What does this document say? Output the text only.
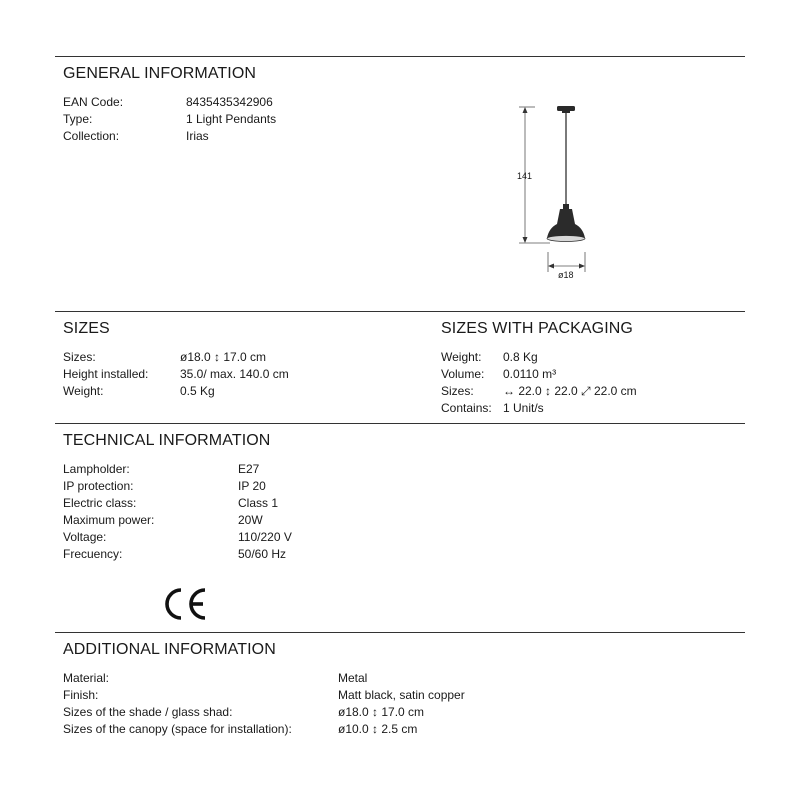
GENERAL INFORMATION
EAN Code:	8435435342906
Type:	1 Light Pendants
Collection:	Irias
141
ø18
SIZES	SIZES WITH PACKAGING
Sizes:	ø18.0 ↕ 17.0 cm
Height installed:	35.0/ max. 140.0 cm
Weight:	0.5 Kg
Weight: 0.8 Kg
Volume: 0.0110 m³
Sizes: ↔ 22.0 ↕ 22.0 ⤢ 22.0 cm
Contains: 1 Unit/s
TECHNICAL INFORMATION
Lampholder:	E27
IP protection:	IP 20
Electric class:	Class 1
Maximum power:	20W
Voltage:	110/220 V
Frecuency:	50/60 Hz
ADDITIONAL INFORMATION
Material:	Metal
Finish:	Matt black, satin copper
Sizes of the shade / glass shad:	ø18.0 ↕ 17.0 cm
Sizes of the canopy (space for installation):	ø10.0 ↕ 2.5 cm
